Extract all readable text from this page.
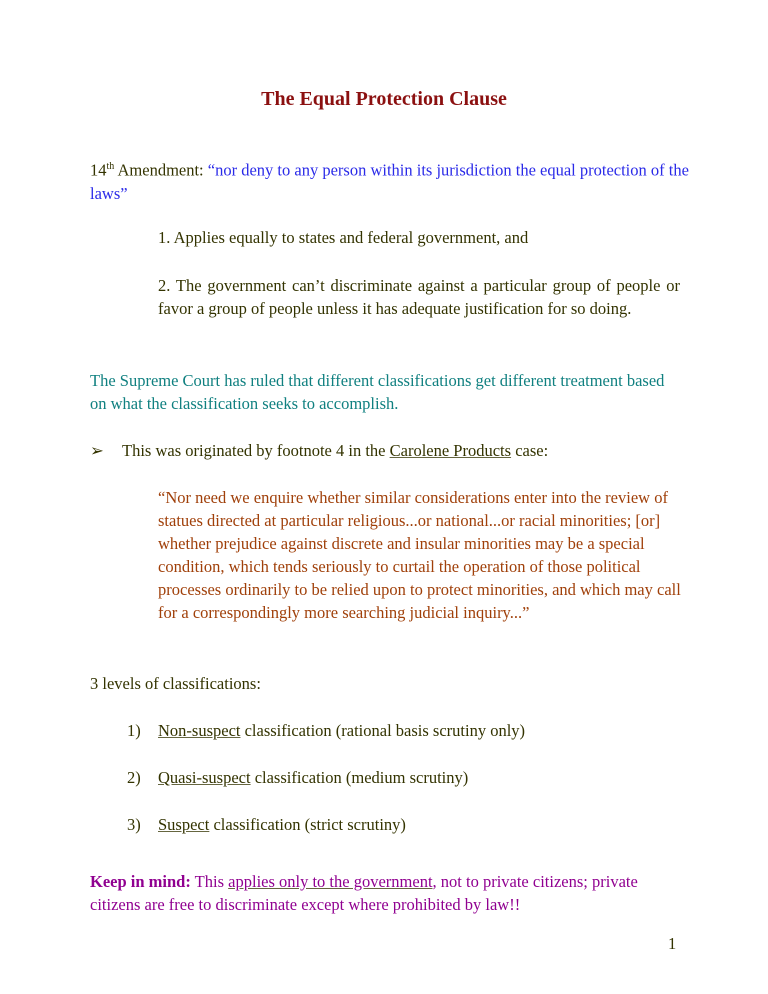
The Equal Protection Clause
14th Amendment: “nor deny to any person within its jurisdiction the equal protection of the laws”
1. Applies equally to states and federal government, and
2. The government can’t discriminate against a particular group of people or favor a group of people unless it has adequate justification for so doing.
The Supreme Court has ruled that different classifications get different treatment based on what the classification seeks to accomplish.
➢ This was originated by footnote 4 in the Carolene Products case:
“Nor need we enquire whether similar considerations enter into the review of statues directed at particular religious...or national...or racial minorities; [or] whether prejudice against discrete and insular minorities may be a special condition, which tends seriously to curtail the operation of those political processes ordinarily to be relied upon to protect minorities, and which may call for a correspondingly more searching judicial inquiry...”
3 levels of classifications:
1) Non-suspect classification (rational basis scrutiny only)
2) Quasi-suspect classification (medium scrutiny)
3) Suspect classification (strict scrutiny)
Keep in mind: This applies only to the government, not to private citizens; private citizens are free to discriminate except where prohibited by law!!
1
